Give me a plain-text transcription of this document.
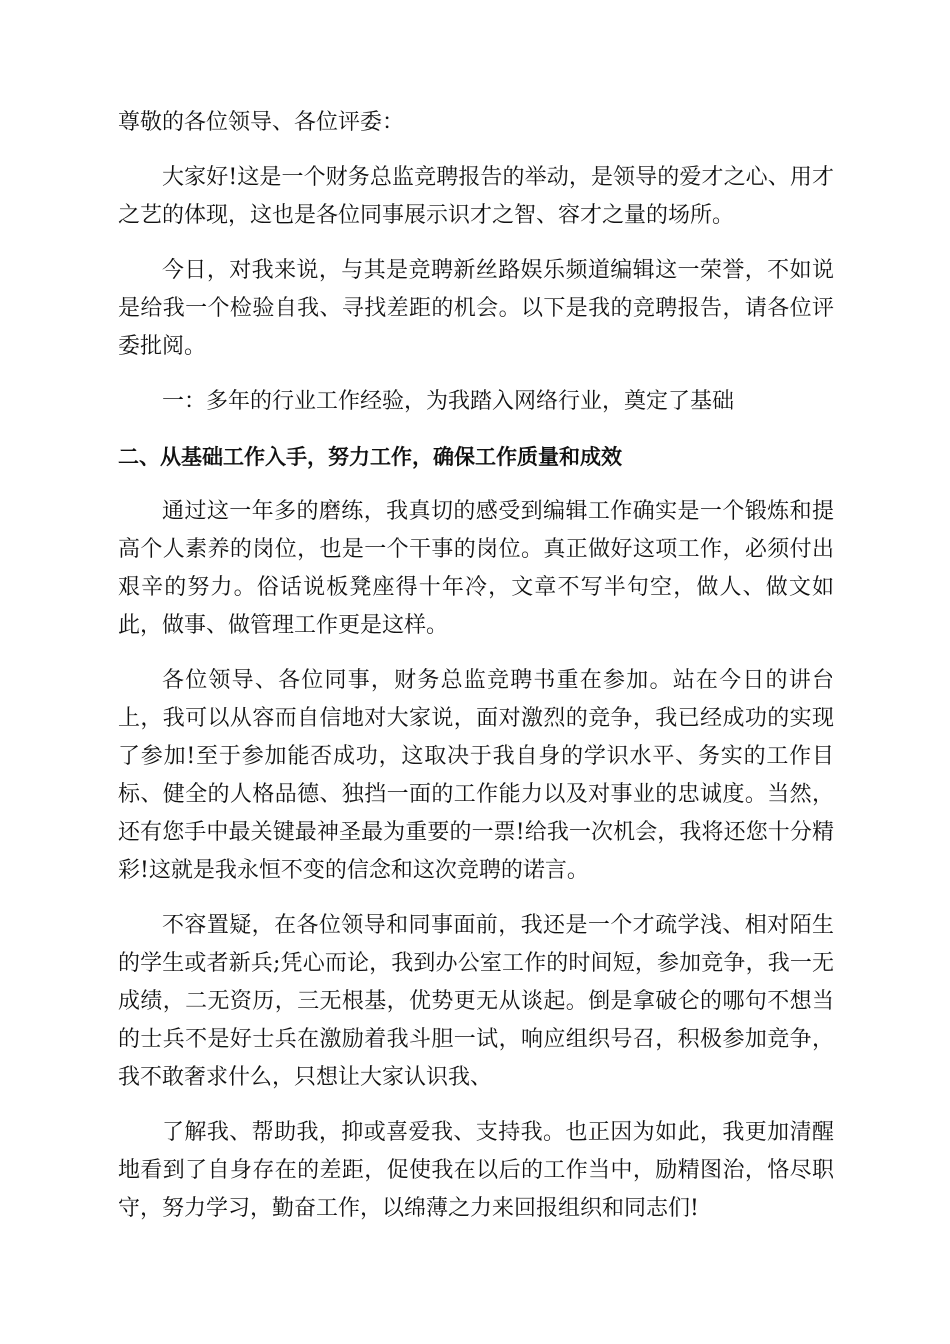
尊敬的各位领导、各位评委：

大家好!这是一个财务总监竞聘报告的举动，是领导的爱才之心、用才之艺的体现，这也是各位同事展示识才之智、容才之量的场所。

今日，对我来说，与其是竞聘新丝路娱乐频道编辑这一荣誉，不如说是给我一个检验自我、寻找差距的机会。以下是我的竞聘报告，请各位评委批阅。

一：多年的行业工作经验，为我踏入网络行业，奠定了基础

二、从基础工作入手，努力工作，确保工作质量和成效

通过这一年多的磨练，我真切的感受到编辑工作确实是一个锻炼和提高个人素养的岗位，也是一个干事的岗位。真正做好这项工作，必须付出艰辛的努力。俗话说板凳座得十年冷，文章不写半句空，做人、做文如此，做事、做管理工作更是这样。

各位领导、各位同事，财务总监竞聘书重在参加。站在今日的讲台上，我可以从容而自信地对大家说，面对激烈的竞争，我已经成功的实现了参加!至于参加能否成功，这取决于我自身的学识水平、务实的工作目标、健全的人格品德、独挡一面的工作能力以及对事业的忠诚度。当然，还有您手中最关键最神圣最为重要的一票!给我一次机会，我将还您十分精彩!这就是我永恒不变的信念和这次竞聘的诺言。

不容置疑，在各位领导和同事面前，我还是一个才疏学浅、相对陌生的学生或者新兵;凭心而论，我到办公室工作的时间短，参加竞争，我一无成绩，二无资历，三无根基，优势更无从谈起。倒是拿破仑的哪句不想当的士兵不是好士兵在激励着我斗胆一试，响应组织号召，积极参加竞争，我不敢奢求什么，只想让大家认识我、

了解我、帮助我，抑或喜爱我、支持我。也正因为如此，我更加清醒地看到了自身存在的差距，促使我在以后的工作当中，励精图治，恪尽职守，努力学习，勤奋工作，以绵薄之力来回报组织和同志们!
